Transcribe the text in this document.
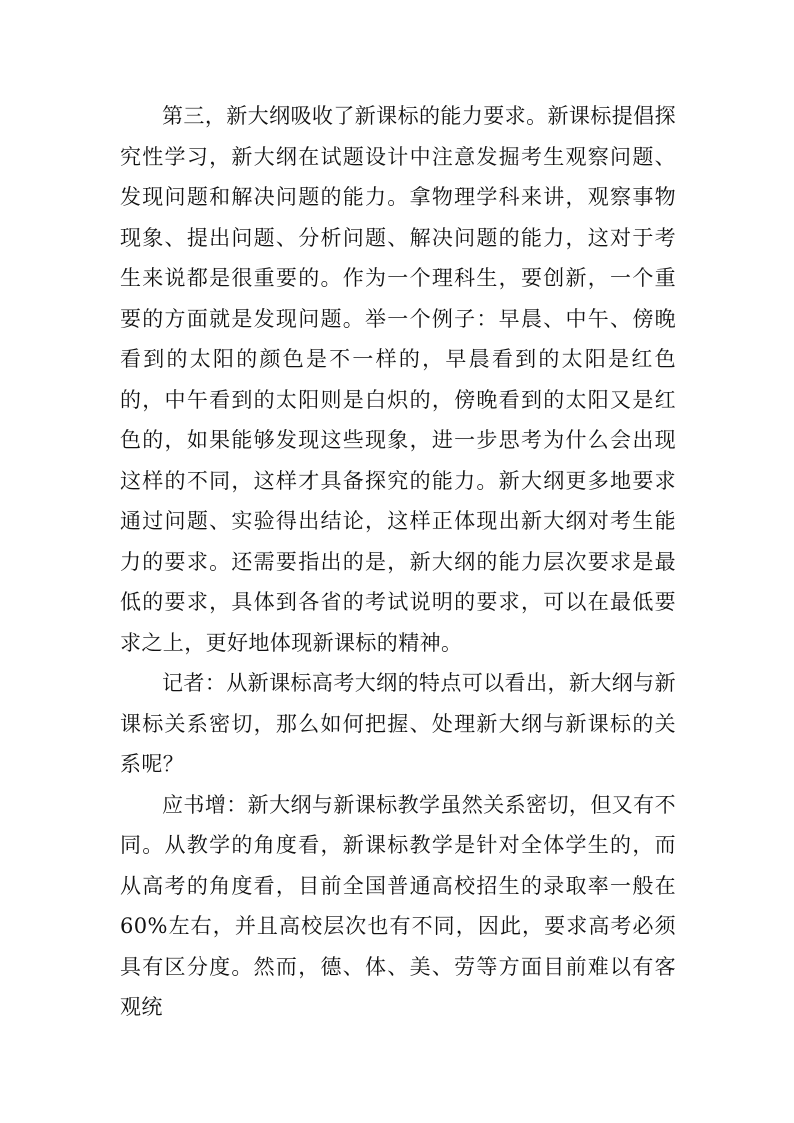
第三，新大纲吸收了新课标的能力要求。新课标提倡探究性学习，新大纲在试题设计中注意发掘考生观察问题、发现问题和解决问题的能力。拿物理学科来讲，观察事物现象、提出问题、分析问题、解决问题的能力，这对于考生来说都是很重要的。作为一个理科生，要创新，一个重要的方面就是发现问题。举一个例子：早晨、中午、傍晚看到的太阳的颜色是不一样的，早晨看到的太阳是红色的，中午看到的太阳则是白炽的，傍晚看到的太阳又是红色的，如果能够发现这些现象，进一步思考为什么会出现这样的不同，这样才具备探究的能力。新大纲更多地要求通过问题、实验得出结论，这样正体现出新大纲对考生能力的要求。还需要指出的是，新大纲的能力层次要求是最低的要求，具体到各省的考试说明的要求，可以在最低要求之上，更好地体现新课标的精神。

记者：从新课标高考大纲的特点可以看出，新大纲与新课标关系密切，那么如何把握、处理新大纲与新课标的关系呢？

应书增：新大纲与新课标教学虽然关系密切，但又有不同。从教学的角度看，新课标教学是针对全体学生的，而从高考的角度看，目前全国普通高校招生的录取率一般在60%左右，并且高校层次也有不同，因此，要求高考必须具有区分度。然而，德、体、美、劳等方面目前难以有客观统
